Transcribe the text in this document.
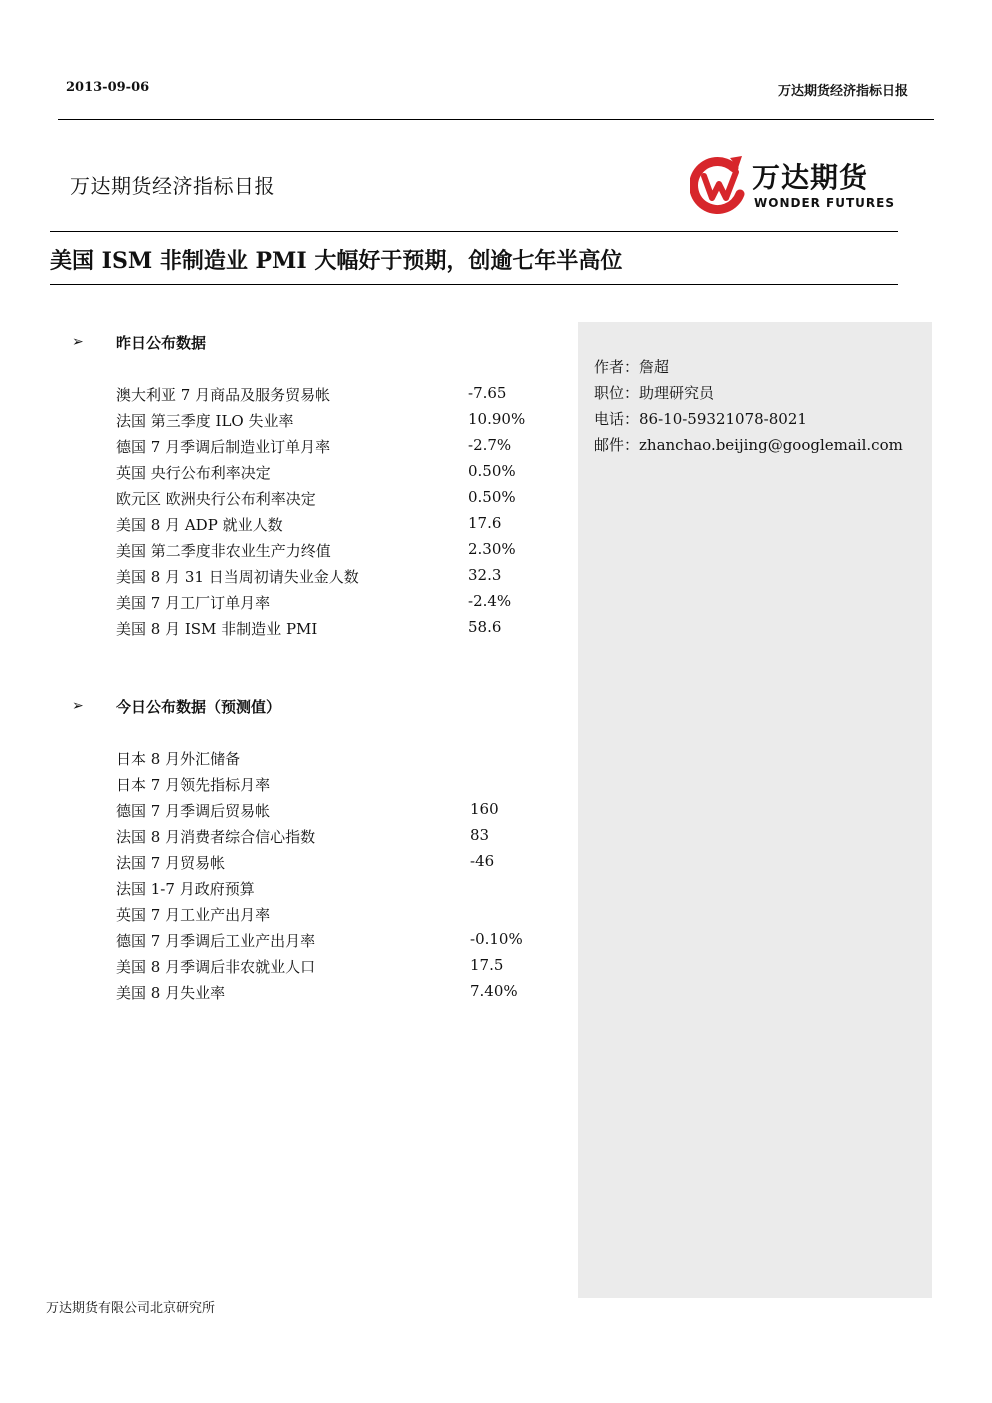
2013-09-06	万达期货经济指标日报
万达期货经济指标日报	万达期货
WONDER FUTURES
美国 ISM 非制造业 PMI 大幅好于预期，创逾七年半高位
作者：詹超
职位：助理研究员
电话：86-10-59321078-8021
邮件：zhanchao.beijing@googlemail.com
➢ 昨日公布数据
澳大利亚 7 月商品及服务贸易帐	-7.65
法国 第三季度 ILO 失业率	10.90%
德国 7 月季调后制造业订单月率	-2.7%
英国 央行公布利率决定	0.50%
欧元区 欧洲央行公布利率决定	0.50%
美国 8 月 ADP 就业人数	17.6
美国 第二季度非农业生产力终值	2.30%
美国 8 月 31 日当周初请失业金人数	32.3
美国 7 月工厂订单月率	-2.4%
美国 8 月 ISM 非制造业 PMI	58.6
➢ 今日公布数据（预测值）
日本 8 月外汇储备
日本 7 月领先指标月率
德国 7 月季调后贸易帐	160
法国 8 月消费者综合信心指数	83
法国 7 月贸易帐	-46
法国 1-7 月政府预算
英国 7 月工业产出月率
德国 7 月季调后工业产出月率	-0.10%
美国 8 月季调后非农就业人口	17.5
美国 8 月失业率	7.40%
万达期货有限公司北京研究所
